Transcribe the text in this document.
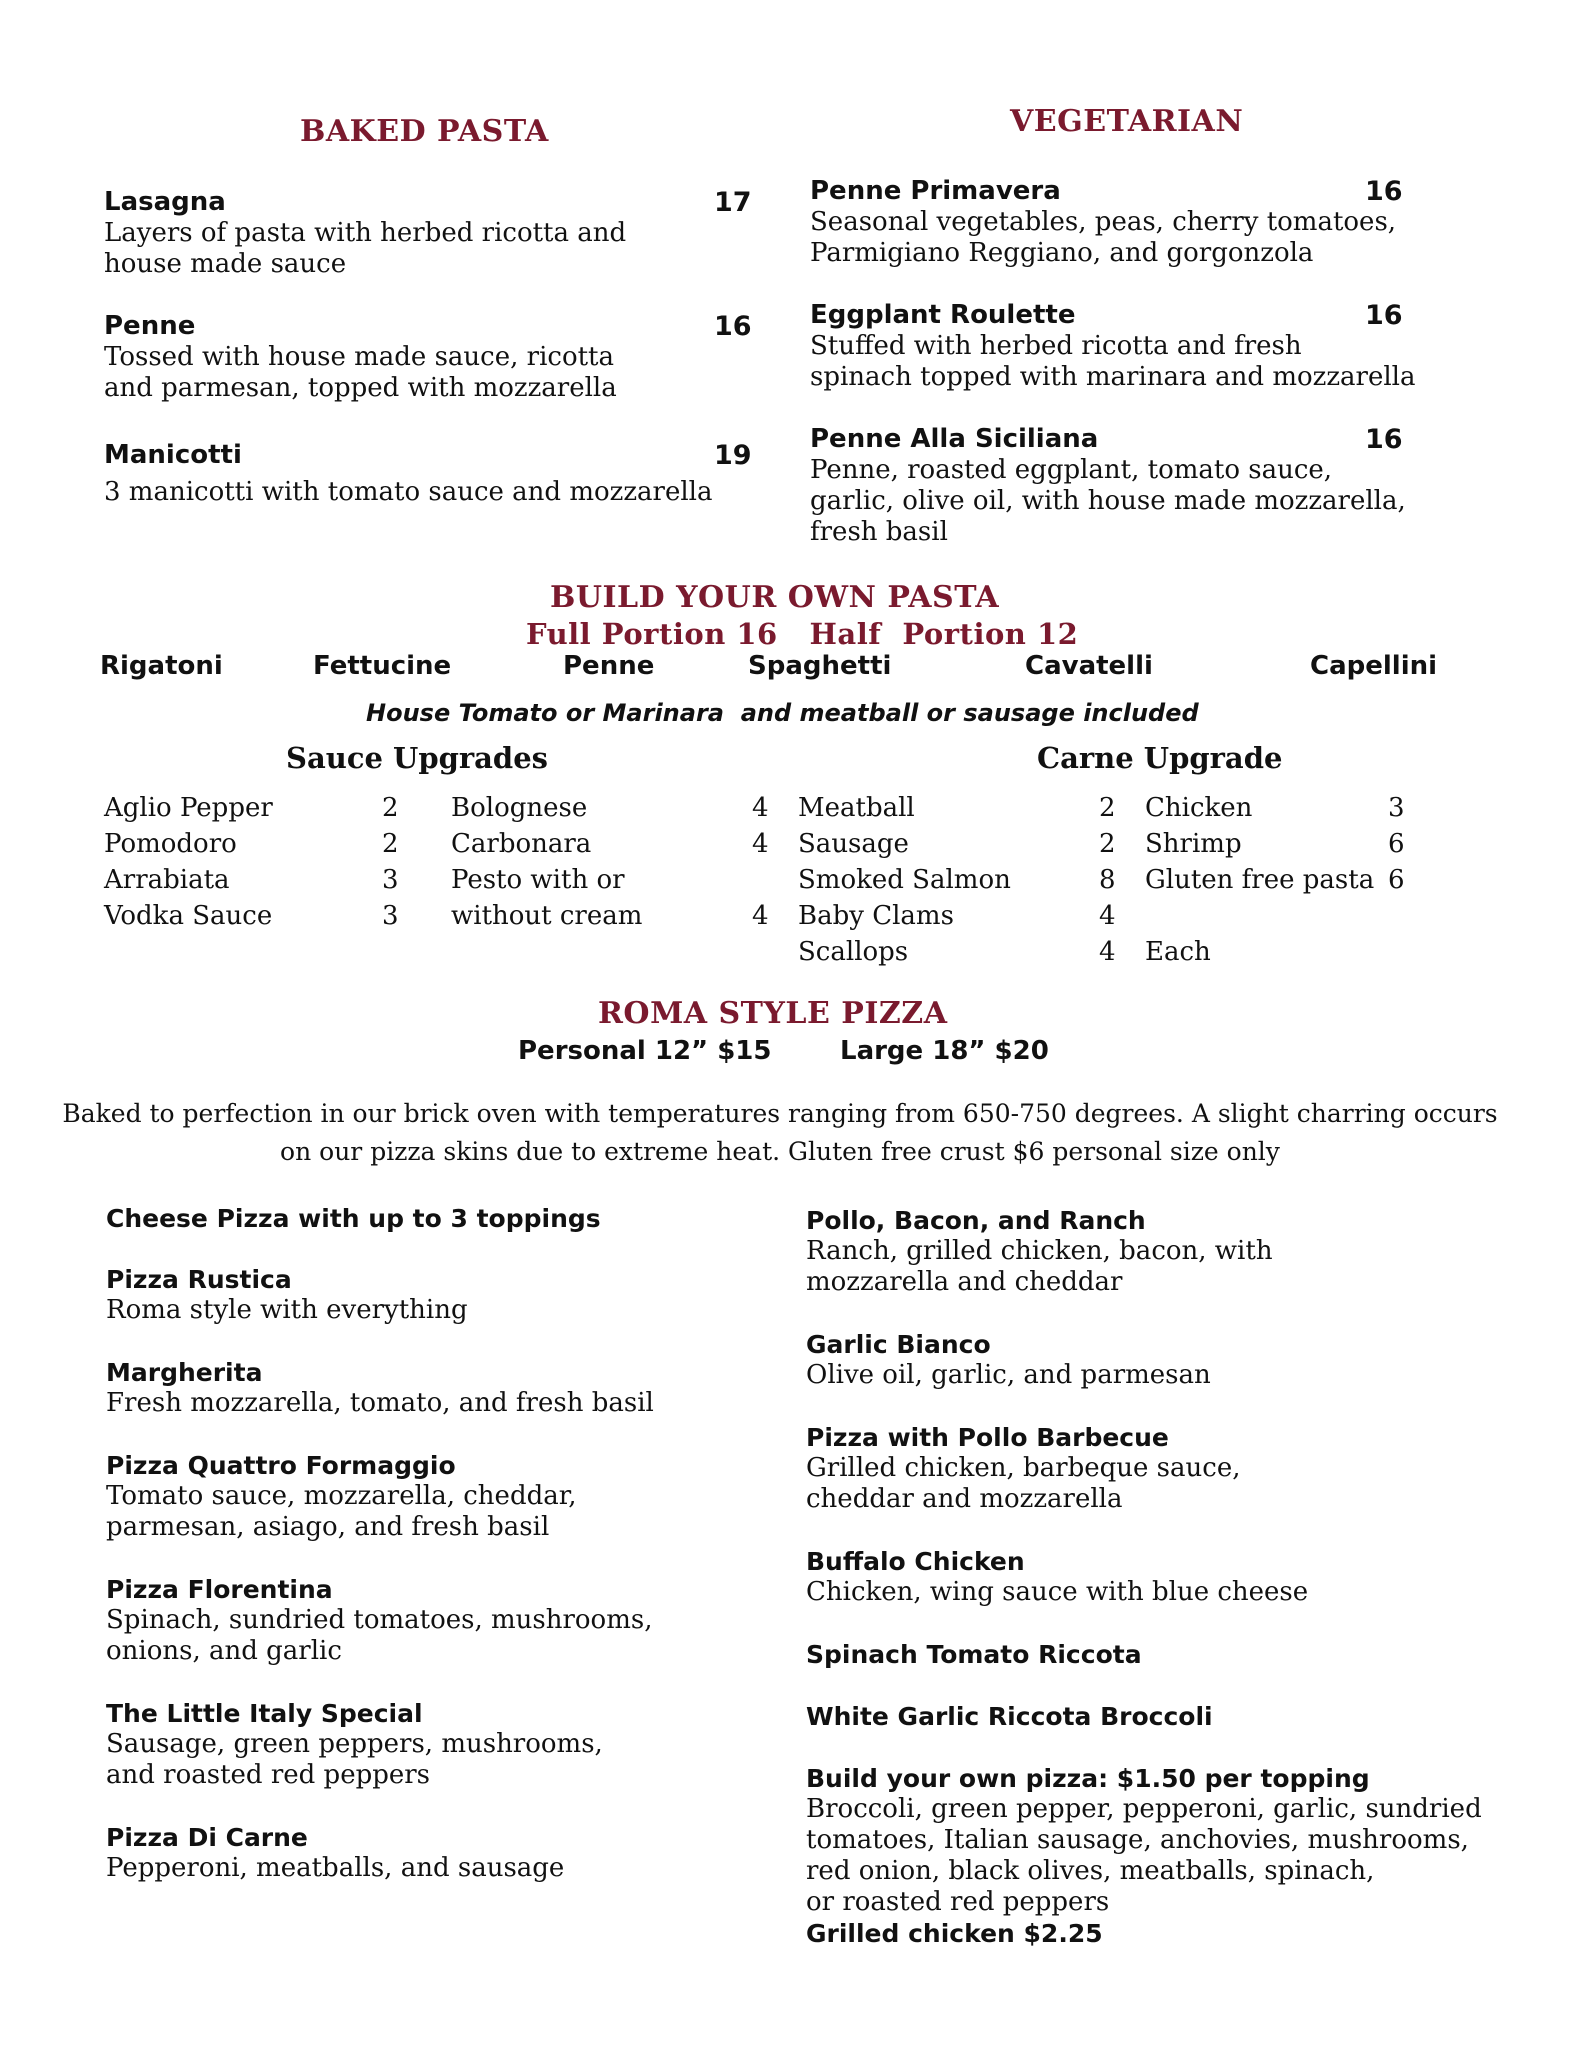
BAKED PASTA
Lasagna	17
Layers of pasta with herbed ricotta and
house made sauce
Penne	16
Tossed with house made sauce, ricotta
and parmesan, topped with mozzarella
Manicotti	19
3 manicotti with tomato sauce and mozzarella
VEGETARIAN
Penne Primavera	16
Seasonal vegetables, peas, cherry tomatoes,
Parmigiano Reggiano, and gorgonzola
Eggplant Roulette	16
Stuffed with herbed ricotta and fresh
spinach topped with marinara and mozzarella
Penne Alla Siciliana	16
Penne, roasted eggplant, tomato sauce,
garlic, olive oil, with house made mozzarella,
fresh basil
BUILD YOUR OWN PASTA
Full Portion 16   Half  Portion 12
Rigatoni	Fettucine	Penne	Spaghetti	Cavatelli	Capellini
House Tomato or Marinara  and meatball or sausage included
Sauce Upgrades	Carne Upgrade
Aglio Pepper	2
Pomodoro	2
Arrabiata	3
Vodka Sauce	3
Bolognese	4
Carbonara	4
Pesto with or
without cream	4
Meatball	2
Sausage	2
Smoked Salmon	8
Baby Clams	4
Scallops	4
Chicken	3
Shrimp	6
Gluten free pasta 6
Each
ROMA STYLE PIZZA
Personal 12” $15	Large 18” $20
Baked to perfection in our brick oven with temperatures ranging from 650-750 degrees. A slight charring occurs
on our pizza skins due to extreme heat. Gluten free crust $6 personal size only
Cheese Pizza with up to 3 toppings
Pizza Rustica
Roma style with everything
Margherita
Fresh mozzarella, tomato, and fresh basil
Pizza Quattro Formaggio
Tomato sauce, mozzarella, cheddar,
parmesan, asiago, and fresh basil
Pizza Florentina
Spinach, sundried tomatoes, mushrooms,
onions, and garlic
The Little Italy Special
Sausage, green peppers, mushrooms,
and roasted red peppers
Pizza Di Carne
Pepperoni, meatballs, and sausage
Pollo, Bacon, and Ranch
Ranch, grilled chicken, bacon, with
mozzarella and cheddar
Garlic Bianco
Olive oil, garlic, and parmesan
Pizza with Pollo Barbecue
Grilled chicken, barbeque sauce,
cheddar and mozzarella
Buffalo Chicken
Chicken, wing sauce with blue cheese
Spinach Tomato Riccota
White Garlic Riccota Broccoli
Build your own pizza: $1.50 per topping
Broccoli, green pepper, pepperoni, garlic, sundried
tomatoes, Italian sausage, anchovies, mushrooms,
red onion, black olives, meatballs, spinach,
or roasted red peppers
Grilled chicken $2.25
